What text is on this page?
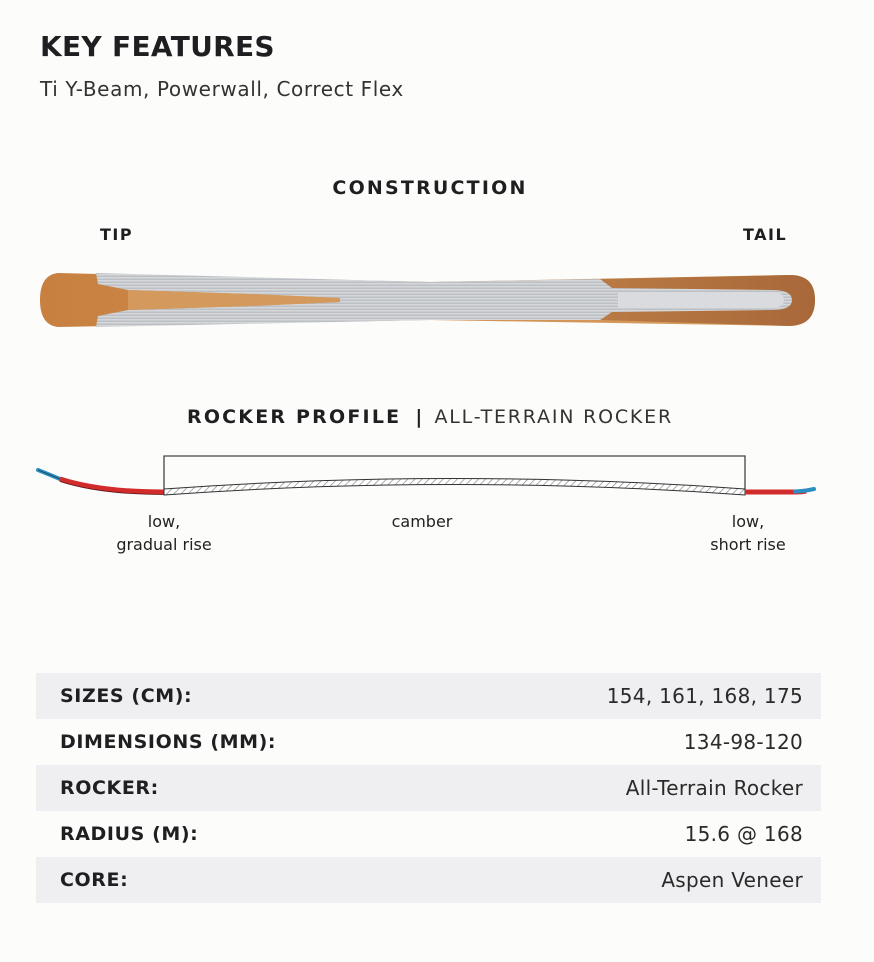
KEY FEATURES
Ti Y-Beam, Powerwall, Correct Flex
CONSTRUCTION
TIP	TAIL
ROCKER PROFILE | ALL-TERRAIN ROCKER
low,
gradual rise
camber	low,
short rise
SIZES (CM):	154, 161, 168, 175
DIMENSIONS (MM):	134-98-120
ROCKER:	All-Terrain Rocker
RADIUS (M):	15.6 @ 168
CORE:	Aspen Veneer
